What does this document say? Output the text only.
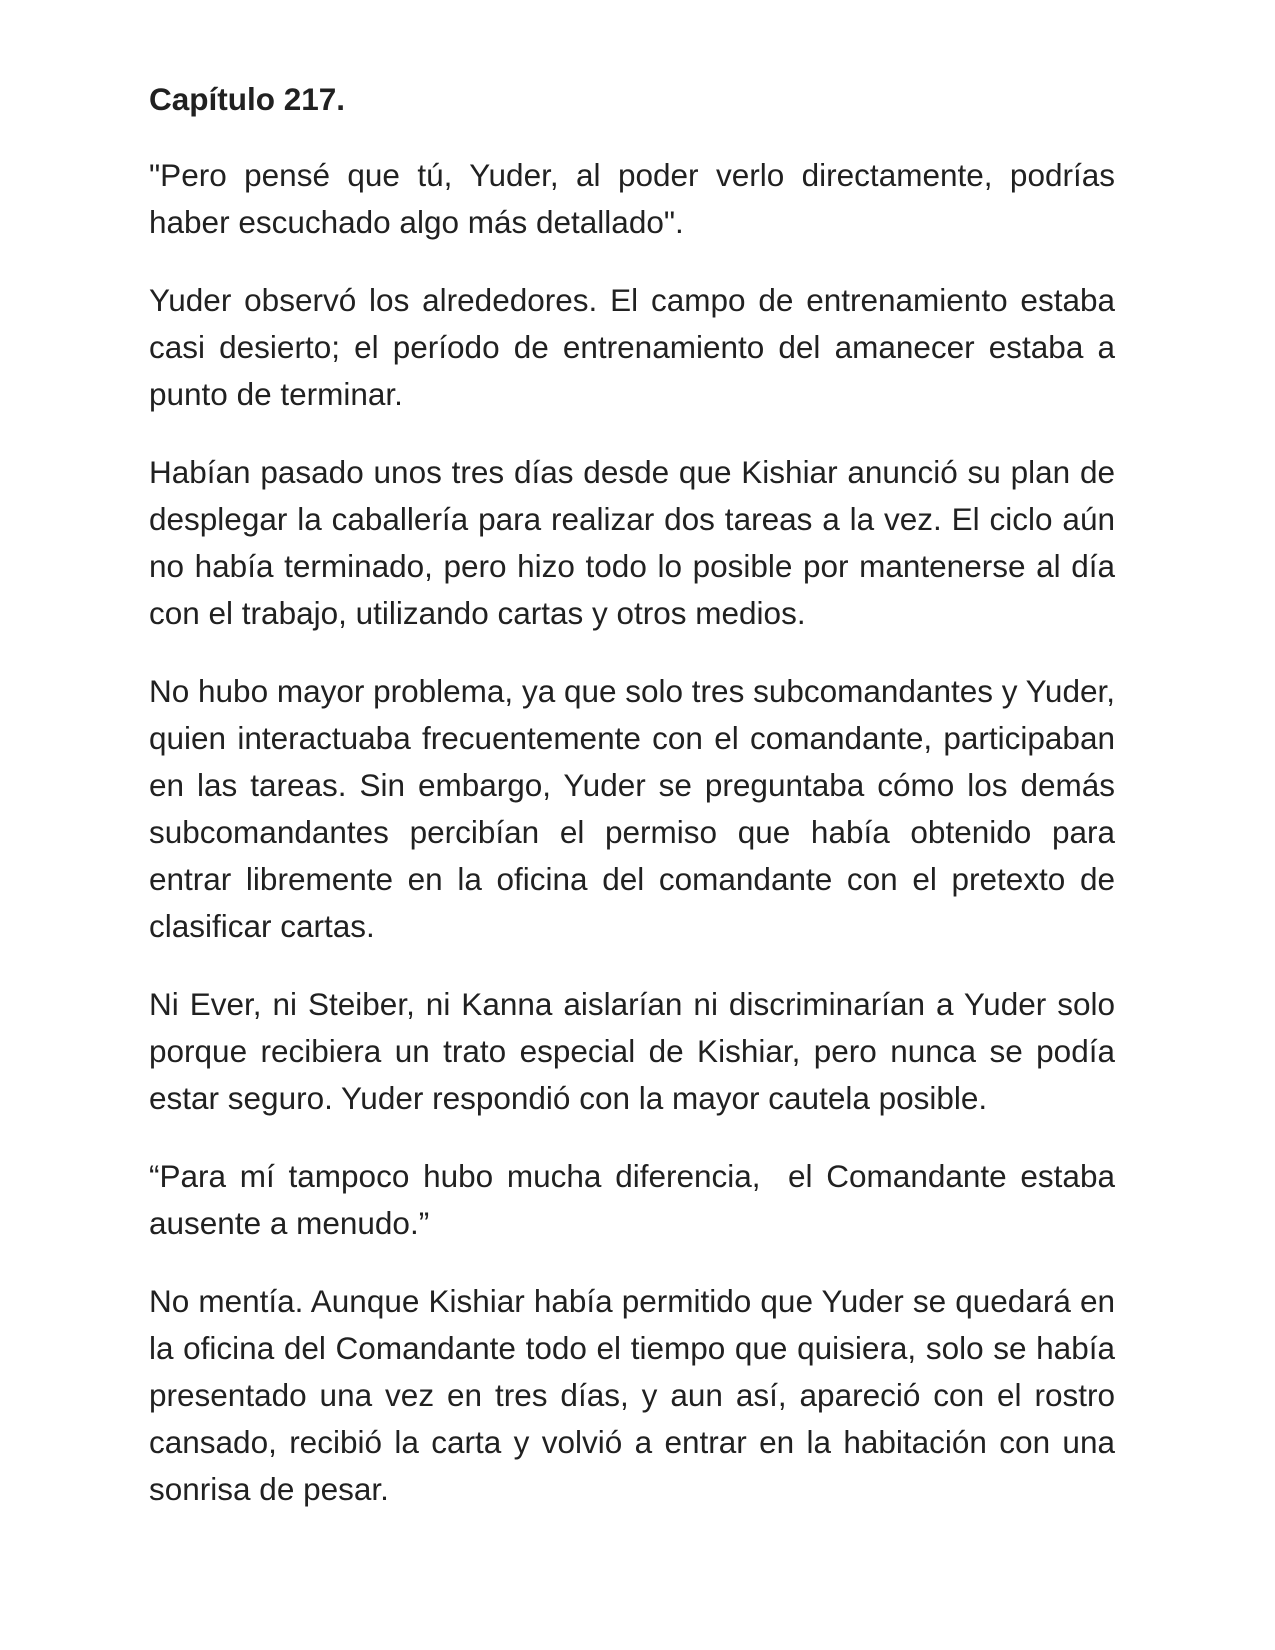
Capítulo 217.

"Pero pensé que tú, Yuder, al poder verlo directamente, podrías haber escuchado algo más detallado".

Yuder observó los alrededores. El campo de entrenamiento estaba casi desierto; el período de entrenamiento del amanecer estaba a punto de terminar.

Habían pasado unos tres días desde que Kishiar anunció su plan de desplegar la caballería para realizar dos tareas a la vez. El ciclo aún no había terminado, pero hizo todo lo posible por mantenerse al día con el trabajo, utilizando cartas y otros medios.

No hubo mayor problema, ya que solo tres subcomandantes y Yuder, quien interactuaba frecuentemente con el comandante, participaban en las tareas. Sin embargo, Yuder se preguntaba cómo los demás subcomandantes percibían el permiso que había obtenido para entrar libremente en la oficina del comandante con el pretexto de clasificar cartas.

Ni Ever, ni Steiber, ni Kanna aislarían ni discriminarían a Yuder solo porque recibiera un trato especial de Kishiar, pero nunca se podía estar seguro. Yuder respondió con la mayor cautela posible.

“Para mí tampoco hubo mucha diferencia,  el Comandante estaba ausente a menudo.”

No mentía. Aunque Kishiar había permitido que Yuder se quedará en la oficina del Comandante todo el tiempo que quisiera, solo se había presentado una vez en tres días, y aun así, apareció con el rostro cansado, recibió la carta y volvió a entrar en la habitación con una sonrisa de pesar.
